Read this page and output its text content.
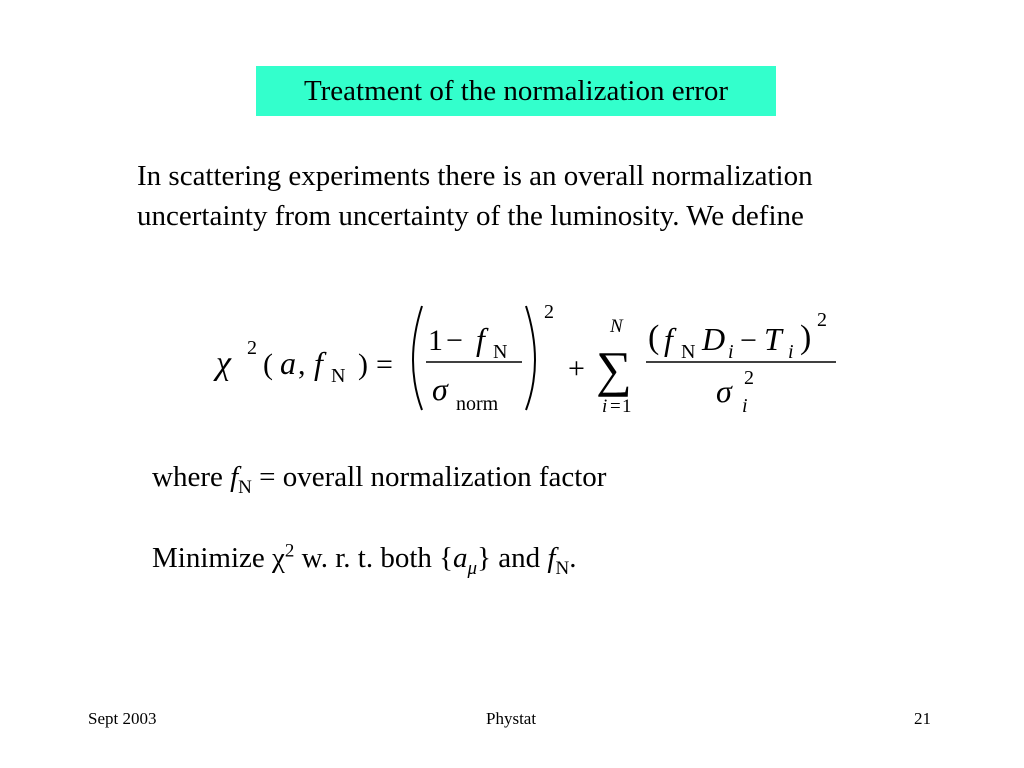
Treatment of the normalization error
In scattering experiments there is an overall normalization uncertainty from uncertainty of the luminosity. We define
χ 2 ( a , f N ) =
1 − f N
σ norm
2
+
N
∑
i = 1
( f N D i − T i ) 2
σ 2
i
where $f_N$ = overall normalization factor
Minimize $\chi^2$ w. r. t. both $\{a_\mu\}$ and $f_N$.
Sept 2003	Phystat	21
